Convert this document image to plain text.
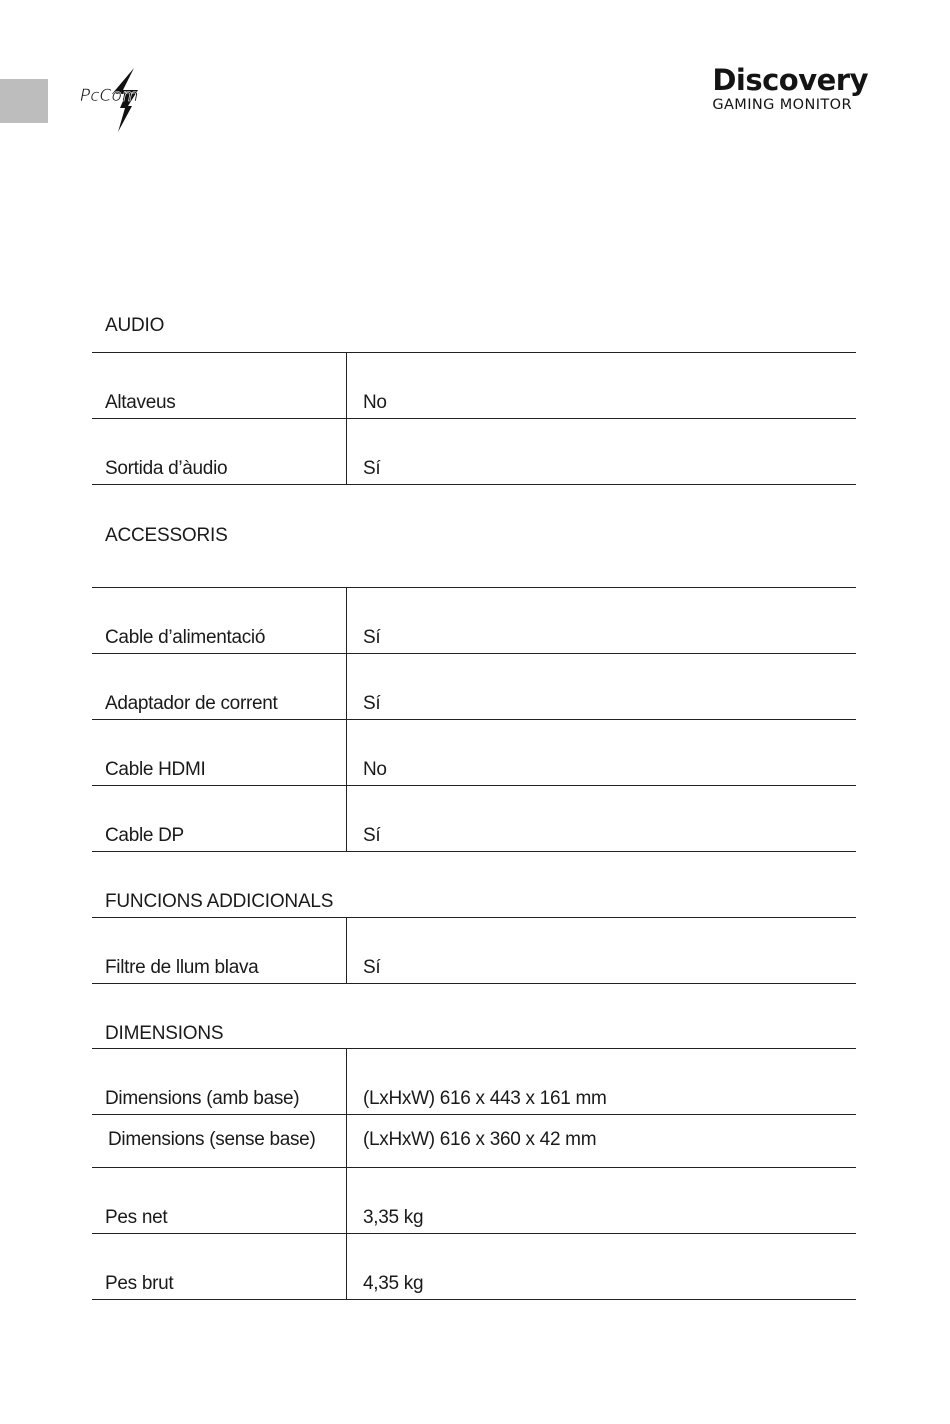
PcCom	Discovery
GAMING MONITOR
AUDIO
Altaveus	No
Sortida d’àudio	Sí
ACCESSORIS
Cable d’alimentació	Sí
Adaptador de corrent	Sí
Cable HDMI	No
Cable DP	Sí
FUNCIONS ADDICIONALS
Filtre de llum blava	Sí
DIMENSIONS
Dimensions (amb base)	(LxHxW) 616 x 443 x 161 mm
Dimensions (sense base)	(LxHxW) 616 x 360 x 42 mm
Pes net	3,35 kg
Pes brut	4,35 kg
